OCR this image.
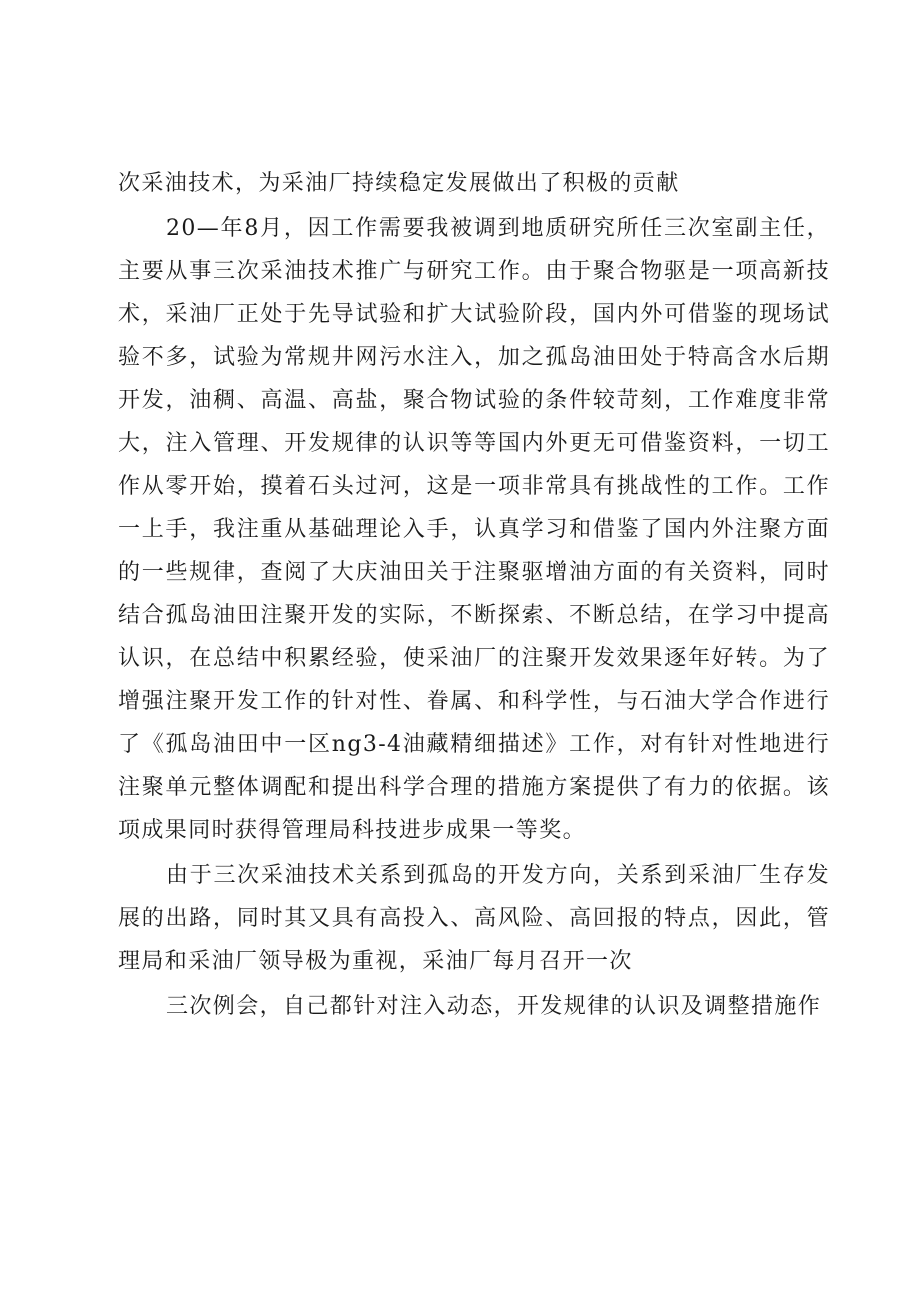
次采油技术，为采油厂持续稳定发展做出了积极的贡献

20—年8月，因工作需要我被调到地质研究所任三次室副主任，主要从事三次采油技术推广与研究工作。由于聚合物驱是一项高新技术，采油厂正处于先导试验和扩大试验阶段，国内外可借鉴的现场试验不多，试验为常规井网污水注入，加之孤岛油田处于特高含水后期开发，油稠、高温、高盐，聚合物试验的条件较苛刻，工作难度非常大，注入管理、开发规律的认识等等国内外更无可借鉴资料，一切工作从零开始，摸着石头过河，这是一项非常具有挑战性的工作。工作一上手，我注重从基础理论入手，认真学习和借鉴了国内外注聚方面的一些规律，查阅了大庆油田关于注聚驱增油方面的有关资料，同时结合孤岛油田注聚开发的实际，不断探索、不断总结，在学习中提高认识，在总结中积累经验，使采油厂的注聚开发效果逐年好转。为了增强注聚开发工作的针对性、眷属、和科学性，与石油大学合作进行了《孤岛油田中一区ng3-4油藏精细描述》工作，对有针对性地进行注聚单元整体调配和提出科学合理的措施方案提供了有力的依据。该项成果同时获得管理局科技进步成果一等奖。

由于三次采油技术关系到孤岛的开发方向，关系到采油厂生存发展的出路，同时其又具有高投入、高风险、高回报的特点，因此，管理局和采油厂领导极为重视，采油厂每月召开一次

三次例会，自己都针对注入动态，开发规律的认识及调整措施作
